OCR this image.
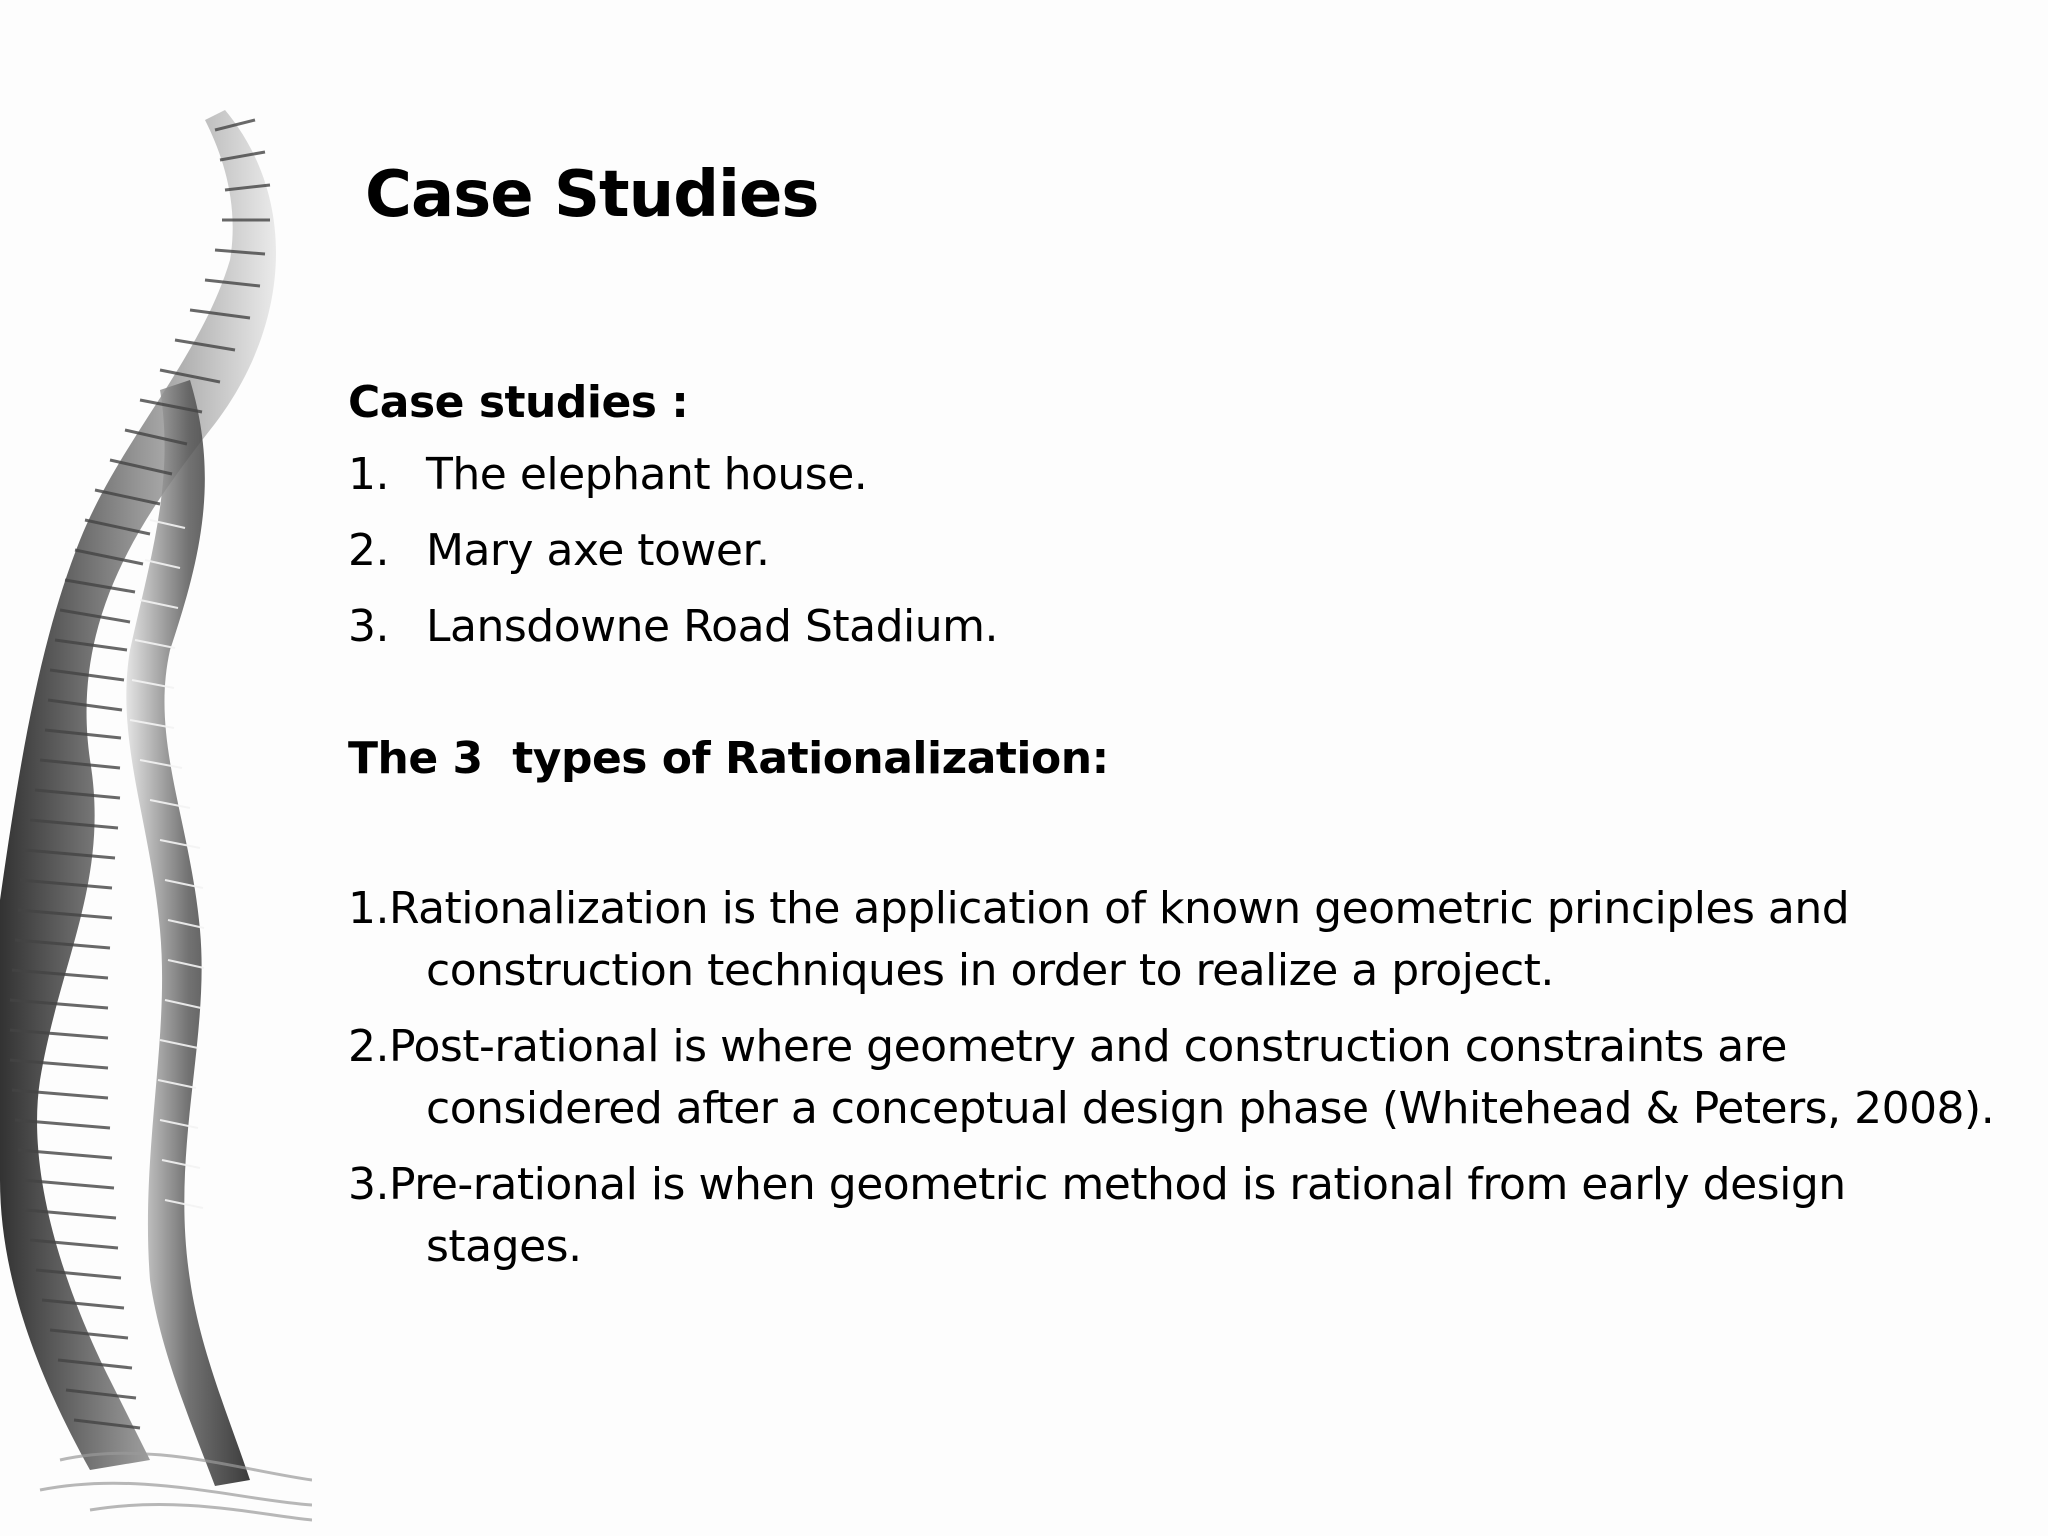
Case Studies

Case studies :

1. The elephant house.
2. Mary axe tower.
3. Lansdowne Road Stadium.

The 3  types of Rationalization:

1.Rationalization is the application of known geometric principles and construction techniques in order to realize a project.
2.Post-rational is where geometry and construction constraints are considered after a conceptual design phase (Whitehead & Peters, 2008).
3.Pre-rational is when geometric method is rational from early design stages.
